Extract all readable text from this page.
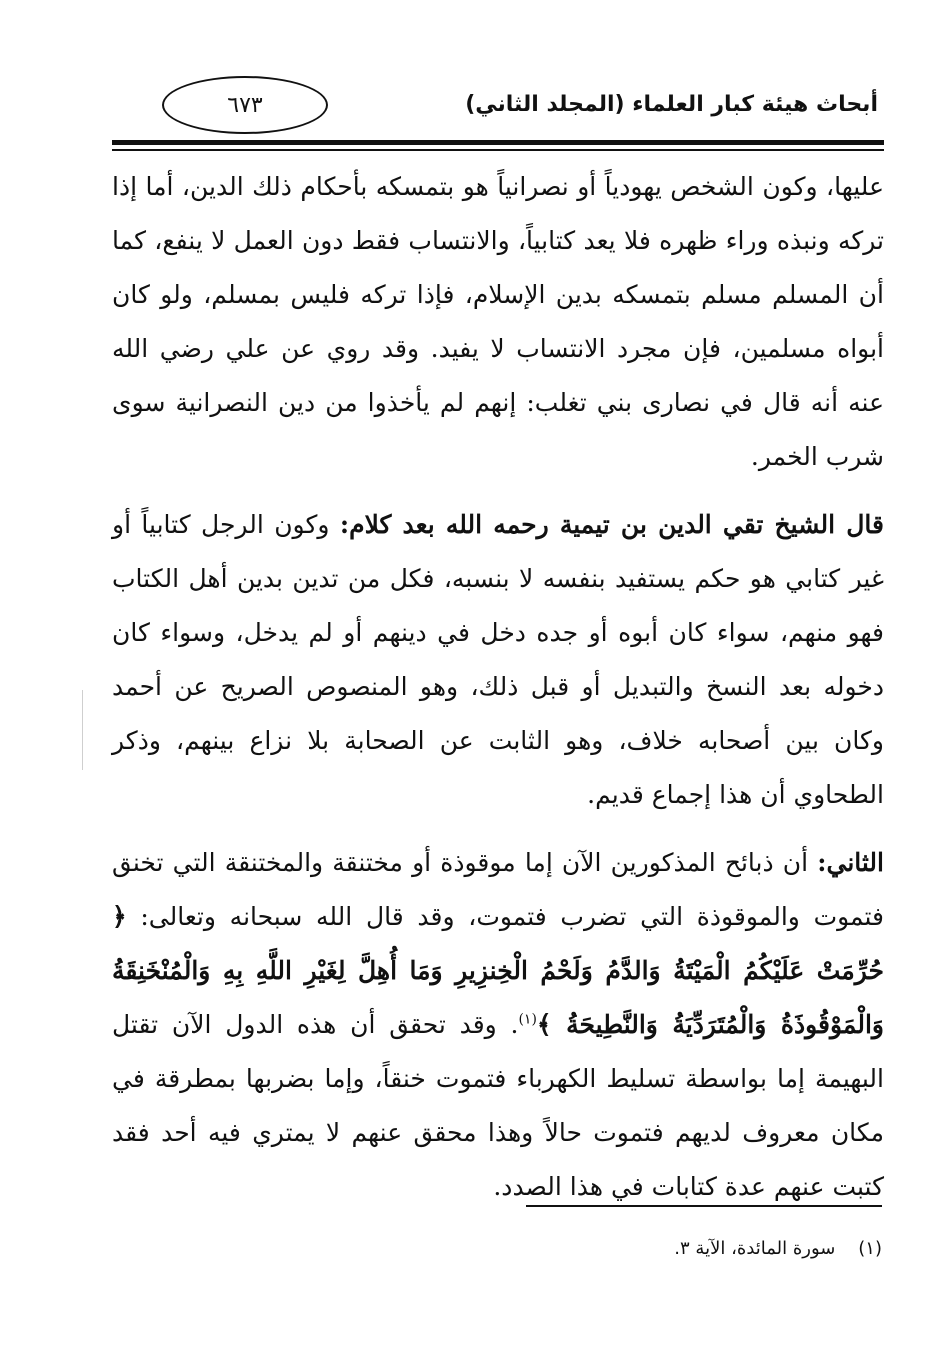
أبحاث هيئة كبار العلماء (المجلد الثاني)
٦٧٣

عليها، وكون الشخص يهودياً أو نصرانياً هو بتمسكه بأحكام ذلك الدين، أما إذا تركه ونبذه وراء ظهره فلا يعد كتابياً، والانتساب فقط دون العمل لا ينفع، كما أن المسلم مسلم بتمسكه بدين الإسلام، فإذا تركه فليس بمسلم، ولو كان أبواه مسلمين، فإن مجرد الانتساب لا يفيد. وقد روي عن علي رضي الله عنه أنه قال في نصارى بني تغلب: إنهم لم يأخذوا من دين النصرانية سوى شرب الخمر.

قال الشيخ تقي الدين بن تيمية رحمه الله بعد كلام: وكون الرجل كتابياً أو غير كتابي هو حكم يستفيد بنفسه لا بنسبه، فكل من تدين بدين أهل الكتاب فهو منهم، سواء كان أبوه أو جده دخل في دينهم أو لم يدخل، وسواء كان دخوله بعد النسخ والتبديل أو قبل ذلك، وهو المنصوص الصريح عن أحمد وكان بين أصحابه خلاف، وهو الثابت عن الصحابة بلا نزاع بينهم، وذكر الطحاوي أن هذا إجماع قديم.

الثاني: أن ذبائح المذكورين الآن إما موقوذة أو مختنقة والمختنقة التي تخنق فتموت والموقوذة التي تضرب فتموت، وقد قال الله سبحانه وتعالى: ﴿ حُرِّمَتْ عَلَيْكُمُ الْمَيْتَةُ وَالدَّمُ وَلَحْمُ الْخِنزِيرِ وَمَا أُهِلَّ لِغَيْرِ اللَّهِ بِهِ وَالْمُنْخَنِقَةُ وَالْمَوْقُوذَةُ وَالْمُتَرَدِّيَةُ وَالنَّطِيحَةُ ﴾$^{(١)}$. وقد تحقق أن هذه الدول الآن تقتل البهيمة إما بواسطة تسليط الكهرباء فتموت خنقاً، وإما بضربها بمطرقة في مكان معروف لديهم فتموت حالاً وهذا محقق عنهم لا يمتري فيه أحد فقد كتبت عنهم عدة كتابات في هذا الصدد.

(١)    سورة المائدة، الآية ٣.
